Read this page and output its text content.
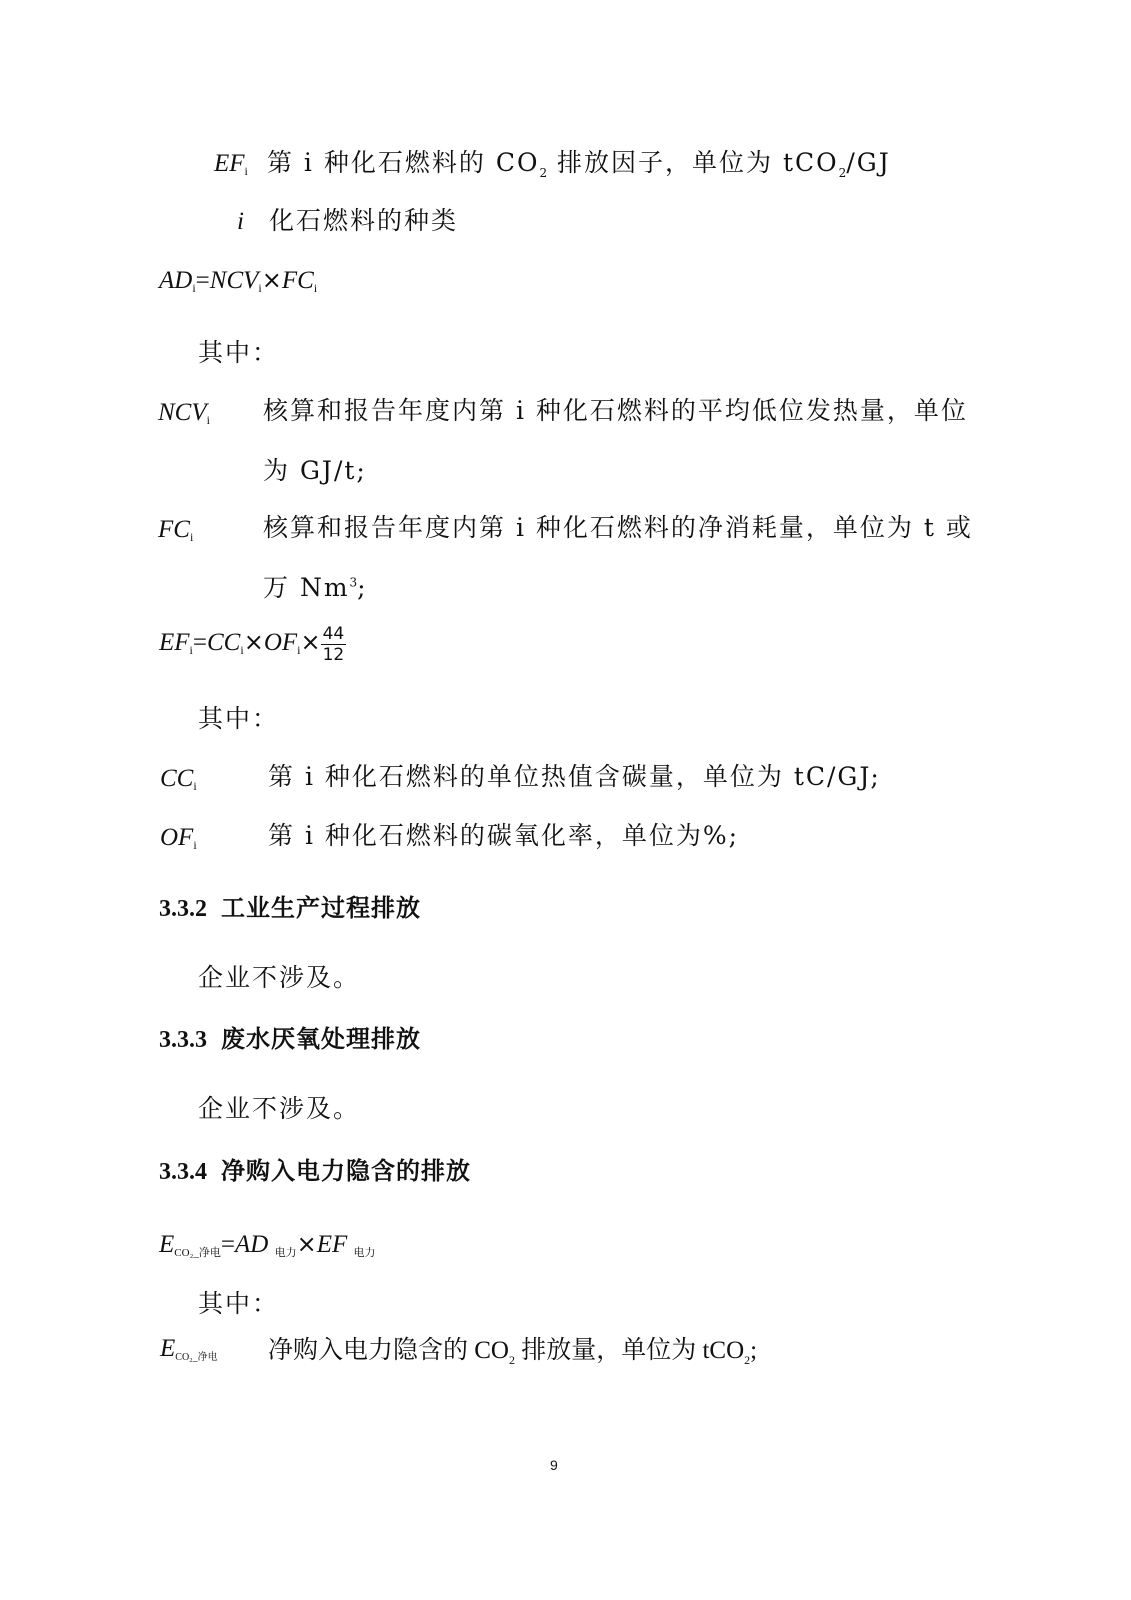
$EF_i$ 第 i 种化石燃料的 $CO_2$ 排放因子，单位为 tCO$_2$/GJ
i 化石燃料的种类
$AD_i=NCV_i\times FC_i$
其中：
$NCV_i$ 核算和报告年度内第 i 种化石燃料的平均低位发热量，单位
为 GJ/t;
$FC_i$	核算和报告年度内第 i 种化石燃料的净消耗量，单位为 t 或
万 Nm$^3$;
$EF_i=CC_i\times OF_i\times \frac{44}{12}$
其中：
$CC_i$	第 i 种化石燃料的单位热值含碳量，单位为 tC/GJ;
$OF_i$	第 i 种化石燃料的碳氧化率，单位为%;
3.3.2 工业生产过程排放
企业不涉及。
3.3.3 废水厌氧处理排放
企业不涉及。
3.3.4 净购入电力隐含的排放
$E_{CO_2\_净电}=AD$ $_{电力}$×EF $_{电力}$
其中：
$E_{CO_2\_净电}$ 净购入电力隐含的 $CO_2$ 排放量，单位为 tCO$_2$;
9
